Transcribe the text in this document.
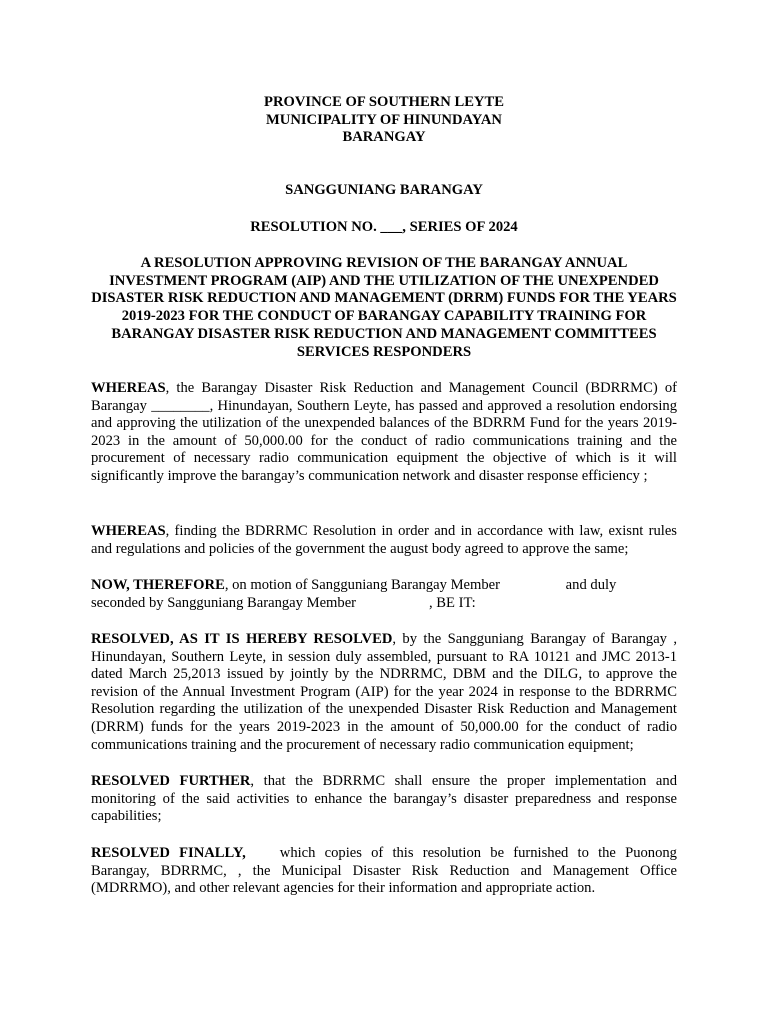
PROVINCE OF SOUTHERN LEYTE
MUNICIPALITY OF HINUNDAYAN
BARANGAY
SANGGUNIANG BARANGAY
RESOLUTION NO. ___, SERIES OF 2024
A RESOLUTION APPROVING REVISION OF THE BARANGAY ANNUAL INVESTMENT PROGRAM (AIP) AND THE UTILIZATION OF THE UNEXPENDED DISASTER RISK REDUCTION AND MANAGEMENT (DRRM) FUNDS FOR THE YEARS 2019-2023 FOR THE CONDUCT OF BARANGAY CAPABILITY TRAINING FOR BARANGAY DISASTER RISK REDUCTION AND MANAGEMENT COMMITTEES SERVICES RESPONDERS
WHEREAS, the Barangay Disaster Risk Reduction and Management Council (BDRRMC) of Barangay ________, Hinundayan, Southern Leyte, has passed and approved a resolution endorsing and approving the utilization of the unexpended balances of the BDRRM Fund for the years 2019-2023 in the amount of 50,000.00 for the conduct of radio communications training and the procurement of necessary radio communication equipment the objective of which is it will significantly improve the barangay’s communication network and disaster response efficiency ;
WHEREAS, finding the BDRRMC Resolution in order and in accordance with law, exisnt rules and regulations and policies of the government the august body agreed to approve the same;
NOW, THEREFORE, on motion of Sangguniang Barangay Member                  and duly
seconded by Sangguniang Barangay Member                    , BE IT:
RESOLVED, AS IT IS HEREBY RESOLVED, by the Sangguniang Barangay of Barangay , Hinundayan, Southern Leyte, in session duly assembled, pursuant to RA 10121 and JMC 2013-1 dated March 25,2013 issued by jointly by the NDRRMC, DBM and the DILG, to approve the revision of the Annual Investment Program (AIP) for the year 2024 in response to the BDRRMC Resolution regarding the utilization of the unexpended Disaster Risk Reduction and Management (DRRM) funds for the years 2019-2023 in the amount of 50,000.00 for the conduct of radio communications training and the procurement of necessary radio communication equipment;
RESOLVED FURTHER, that the BDRRMC shall ensure the proper implementation and monitoring of the said activities to enhance the barangay’s disaster preparedness and response capabilities;
RESOLVED FINALLY, which copies of this resolution be furnished to the Puonong Barangay, BDRRMC, , the Municipal Disaster Risk Reduction and Management Office (MDRRMO), and other relevant agencies for their information and appropriate action.
